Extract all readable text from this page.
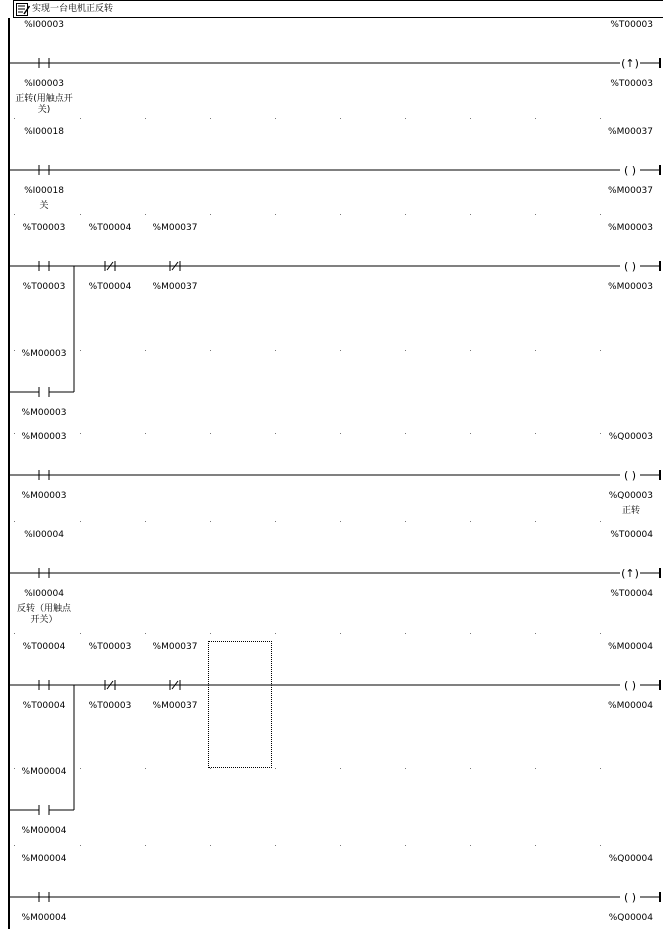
实现一台电机正反转
(↑)
( )
( )
( )
(↑)
( )
( )
%I00003
%I00003
正转(用触点开
关)
%T00003
%T00003
%I00018
%I00018
关
%M00037
%M00037
%T00003
%T00003
%T00004
%T00004
%M00037
%M00037
%M00003
%M00003
%M00003
%M00003
%M00003
%M00003
%Q00003
%Q00003
正转
%I00004
%I00004
反转（用触点
开关）
%T00004
%T00004
%T00004
%T00004
%T00003
%T00003
%M00037
%M00037
%M00004
%M00004
%M00004
%M00004
%M00004
%M00004
%Q00004
%Q00004
